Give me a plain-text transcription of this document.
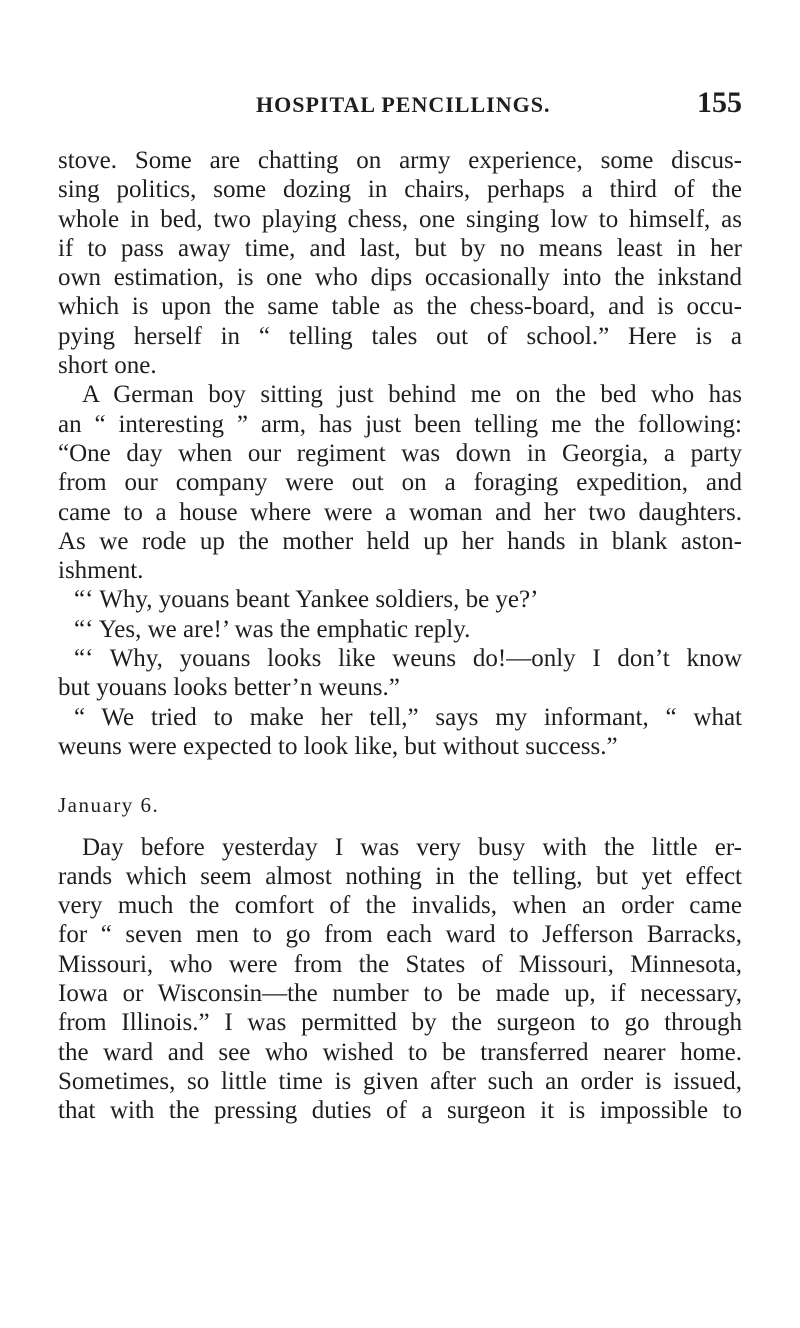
HOSPITAL PENCILLINGS.	155
stove. Some are chatting on army experience, some discus-
sing politics, some dozing in chairs, perhaps a third of the
whole in bed, two playing chess, one singing low to himself, as
if to pass away time, and last, but by no means least in her
own estimation, is one who dips occasionally into the inkstand
which is upon the same table as the chess-board, and is occu-
pying herself in “ telling tales out of school.” Here is a
short one.
A German boy sitting just behind me on the bed who has
an “ interesting ” arm, has just been telling me the following:
“One day when our regiment was down in Georgia, a party
from our company were out on a foraging expedition, and
came to a house where were a woman and her two daughters.
As we rode up the mother held up her hands in blank aston-
ishment.
“‘ Why, youans beant Yankee soldiers, be ye?’
“‘ Yes, we are!’ was the emphatic reply.
“‘ Why, youans looks like weuns do!—only I don’t know
but youans looks better’n weuns.”
“ We tried to make her tell,” says my informant, “ what
weuns were expected to look like, but without success.”
January 6.
Day before yesterday I was very busy with the little er-
rands which seem almost nothing in the telling, but yet effect
very much the comfort of the invalids, when an order came
for “ seven men to go from each ward to Jefferson Barracks,
Missouri, who were from the States of Missouri, Minnesota,
Iowa or Wisconsin—the number to be made up, if necessary,
from Illinois.” I was permitted by the surgeon to go through
the ward and see who wished to be transferred nearer home.
Sometimes, so little time is given after such an order is issued,
that with the pressing duties of a surgeon it is impossible to
